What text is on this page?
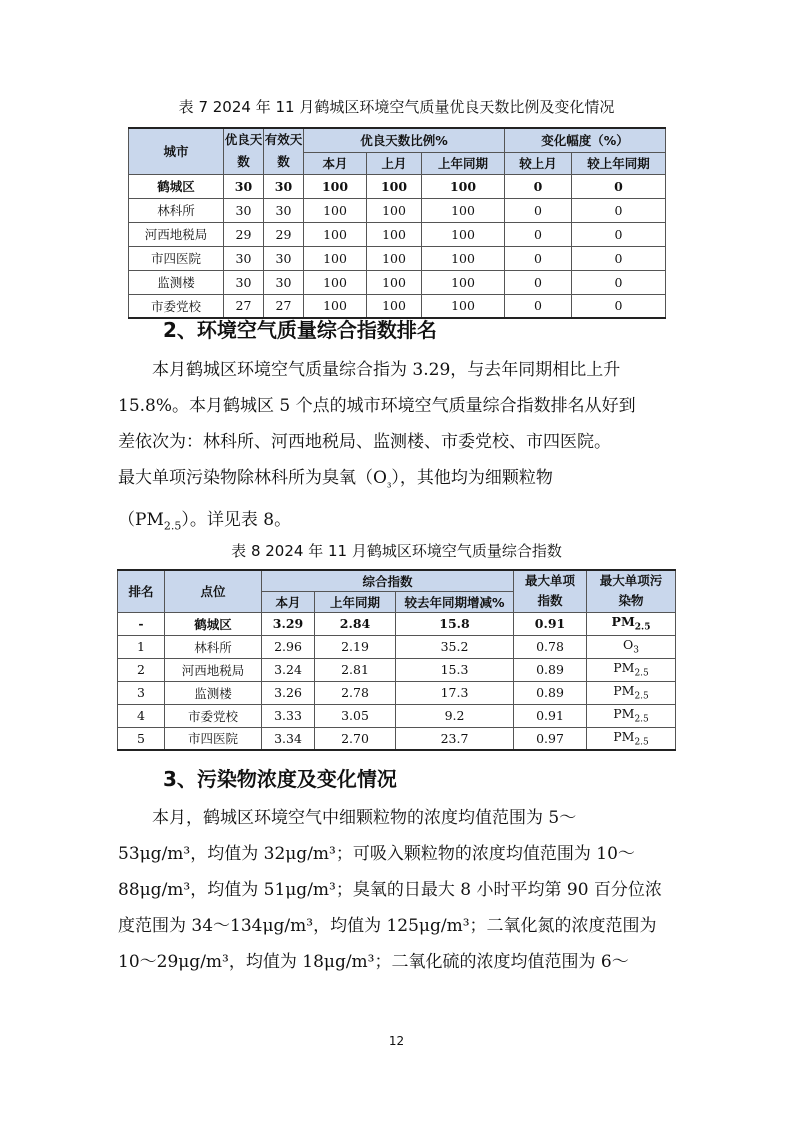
表 7 2024 年 11 月鹤城区环境空气质量优良天数比例及变化情况
城市	优良天数	有效天数	优良天数比例%			变化幅度（%）	
			本月	上月	上年同期	较上月	较上年同期
鹤城区	30	30	100	100	100	0	0
林科所	30	30	100	100	100	0	0
河西地税局	29	29	100	100	100	0	0
市四医院	30	30	100	100	100	0	0
监测楼	30	30	100	100	100	0	0
市委党校	27	27	100	100	100	0	0
2、环境空气质量综合指数排名
本月鹤城区环境空气质量综合指为 3.29，与去年同期相比上升
15.8%。本月鹤城区 5 个点的城市环境空气质量综合指数排名从好到
差依次为：林科所、河西地税局、监测楼、市委党校、市四医院。
最大单项污染物除林科所为臭氧$(O_{_3})$，其他均为细颗粒物
$(PM_{2.5})$。详见表 8。
表 8 2024 年 11 月鹤城区环境空气质量综合指数
排名	点位	综合指数			最大单项指数	最大单项污染物
		本月	上年同期	较去年同期增减%		
-	鹤城区	3.29	2.84	15.8	0.91	$PM_{2.5}$
1	林科所	2.96	2.19	35.2	0.78	$O_3$
2	河西地税局	3.24	2.81	15.3	0.89	$PM_{2.5}$
3	监测楼	3.26	2.78	17.3	0.89	$PM_{2.5}$
4	市委党校	3.33	3.05	9.2	0.91	$PM_{2.5}$
5	市四医院	3.34	2.70	23.7	0.97	$PM_{2.5}$
3、污染物浓度及变化情况
本月，鹤城区环境空气中细颗粒物的浓度均值范围为 5～
53μg/m³，均值为 32μg/m³；可吸入颗粒物的浓度均值范围为 10～
88μg/m³，均值为 51μg/m³；臭氧的日最大 8 小时平均第 90 百分位浓
度范围为 34～134μg/m³，均值为 125μg/m³；二氧化氮的浓度范围为
10～29μg/m³，均值为 18μg/m³；二氧化硫的浓度均值范围为 6～
12
